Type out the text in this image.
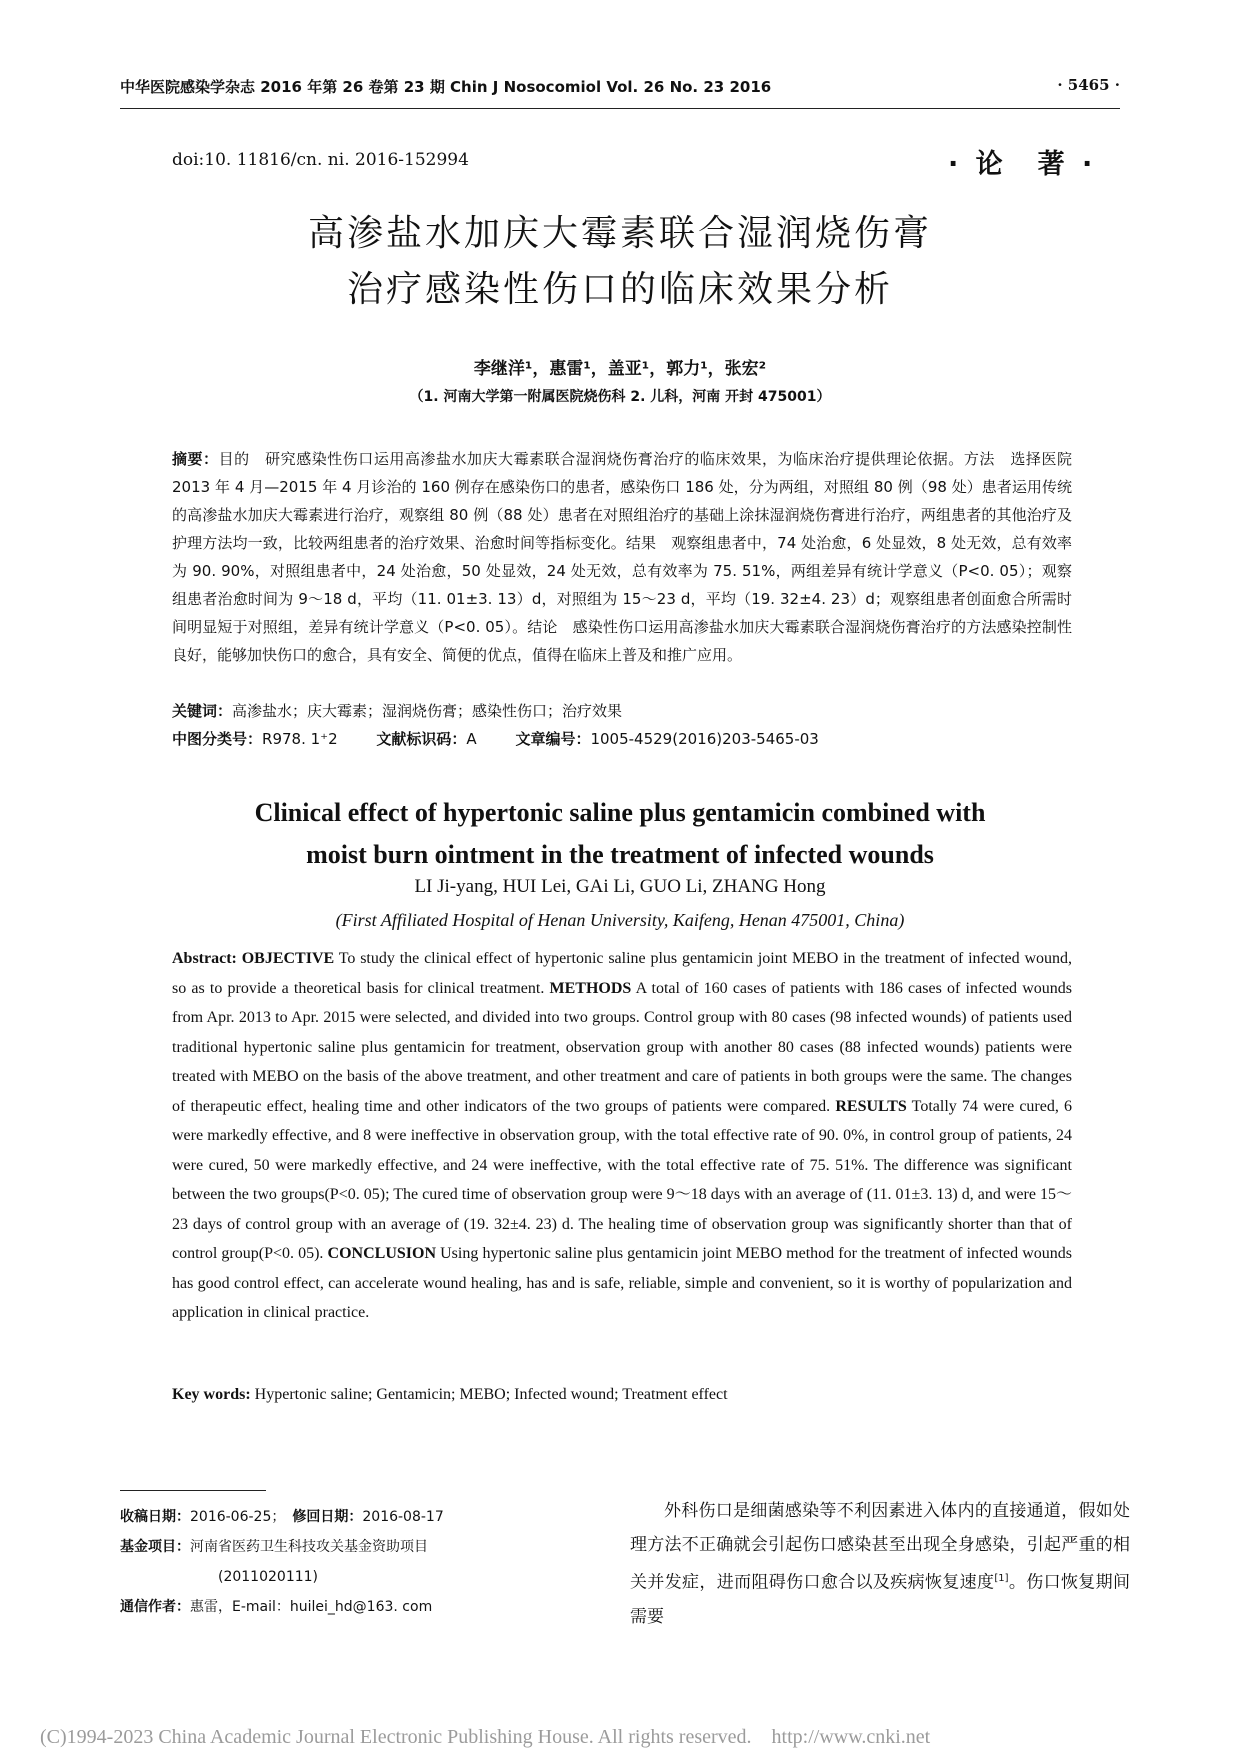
中华医院感染学杂志 2016 年第 26 卷第 23 期 Chin J Nosocomiol Vol. 26 No. 23 2016	· 5465 ·
doi:10. 11816/cn. ni. 2016-152994	· 论　著 ·
高渗盐水加庆大霉素联合湿润烧伤膏
治疗感染性伤口的临床效果分析
李继洋¹，惠雷¹，盖亚¹，郭力¹，张宏²
（1. 河南大学第一附属医院烧伤科 2. 儿科，河南 开封 475001）
摘要：目的　研究感染性伤口运用高渗盐水加庆大霉素联合湿润烧伤膏治疗的临床效果，为临床治疗提供理论依据。方法　选择医院 2013 年 4 月—2015 年 4 月诊治的 160 例存在感染伤口的患者，感染伤口 186 处，分为两组，对照组 80 例（98 处）患者运用传统的高渗盐水加庆大霉素进行治疗，观察组 80 例（88 处）患者在对照组治疗的基础上涂抹湿润烧伤膏进行治疗，两组患者的其他治疗及护理方法均一致，比较两组患者的治疗效果、治愈时间等指标变化。结果　观察组患者中，74 处治愈，6 处显效，8 处无效，总有效率为 90. 90%，对照组患者中，24 处治愈，50 处显效，24 处无效，总有效率为 75. 51%，两组差异有统计学意义（P<0. 05）；观察组患者治愈时间为 9～18 d，平均（11. 01±3. 13）d，对照组为 15～23 d，平均（19. 32±4. 23）d；观察组患者创面愈合所需时间明显短于对照组，差异有统计学意义（P<0. 05）。结论　感染性伤口运用高渗盐水加庆大霉素联合湿润烧伤膏治疗的方法感染控制性良好，能够加快伤口的愈合，具有安全、简便的优点，值得在临床上普及和推广应用。
关键词：高渗盐水；庆大霉素；湿润烧伤膏；感染性伤口；治疗效果
中图分类号：R978. 1⁺2	文献标识码：A	文章编号：1005-4529(2016)203-5465-03
Clinical effect of hypertonic saline plus gentamicin combined with
moist burn ointment in the treatment of infected wounds
LI Ji-yang, HUI Lei, GAi Li, GUO Li, ZHANG Hong
(First Affiliated Hospital of Henan University, Kaifeng, Henan 475001, China)
Abstract: OBJECTIVE To study the clinical effect of hypertonic saline plus gentamicin joint MEBO in the treatment of infected wound, so as to provide a theoretical basis for clinical treatment. METHODS A total of 160 cases of patients with 186 cases of infected wounds from Apr. 2013 to Apr. 2015 were selected, and divided into two groups. Control group with 80 cases (98 infected wounds) of patients used traditional hypertonic saline plus gentamicin for treatment, observation group with another 80 cases (88 infected wounds) patients were treated with MEBO on the basis of the above treatment, and other treatment and care of patients in both groups were the same. The changes of therapeutic effect, healing time and other indicators of the two groups of patients were compared. RESULTS Totally 74 were cured, 6 were markedly effective, and 8 were ineffective in observation group, with the total effective rate of 90. 0%, in control group of patients, 24 were cured, 50 were markedly effective, and 24 were ineffective, with the total effective rate of 75. 51%. The difference was significant between the two groups(P<0. 05); The cured time of observation group were 9～18 days with an average of (11. 01±3. 13) d, and were 15～23 days of control group with an average of (19. 32±4. 23) d. The healing time of observation group was significantly shorter than that of control group(P<0. 05). CONCLUSION Using hypertonic saline plus gentamicin joint MEBO method for the treatment of infected wounds has good control effect, can accelerate wound healing, has and is safe, reliable, simple and convenient, so it is worthy of popularization and application in clinical practice.
Key words: Hypertonic saline; Gentamicin; MEBO; Infected wound; Treatment effect
收稿日期：2016-06-25；　 修回日期：2016-08-17
基金项目：河南省医药卫生科技攻关基金资助项目
(2011020111)
通信作者：惠雷，E-mail：huilei_hd@163. com
外科伤口是细菌感染等不利因素进入体内的直接通道，假如处理方法不正确就会引起伤口感染甚至出现全身感染，引起严重的相关并发症，进而阻碍伤口愈合以及疾病恢复速度[1]。伤口恢复期间需要
(C)1994-2023 China Academic Journal Electronic Publishing House. All rights reserved.　http://www.cnki.net
